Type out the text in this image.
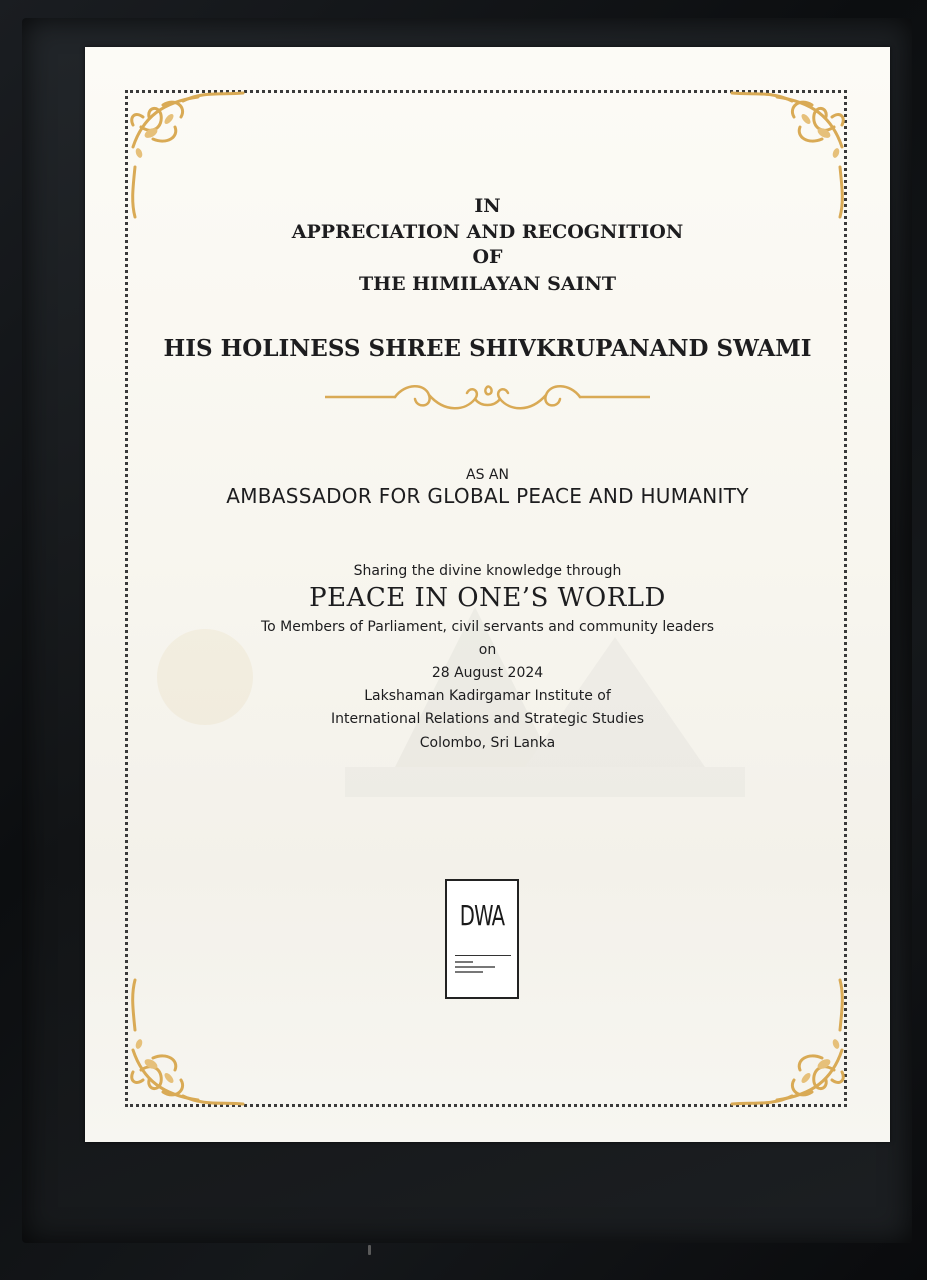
IN
APPRECIATION AND RECOGNITION
OF
THE HIMILAYAN SAINT
HIS HOLINESS SHREE SHIVKRUPANAND SWAMI
AS AN
AMBASSADOR FOR GLOBAL PEACE AND HUMANITY
Sharing the divine knowledge through
PEACE IN ONE’S WORLD
To Members of Parliament, civil servants and community leaders
on
28 August 2024
Lakshaman Kadirgamar Institute of
International Relations and Strategic Studies
Colombo, Sri Lanka
DWA
